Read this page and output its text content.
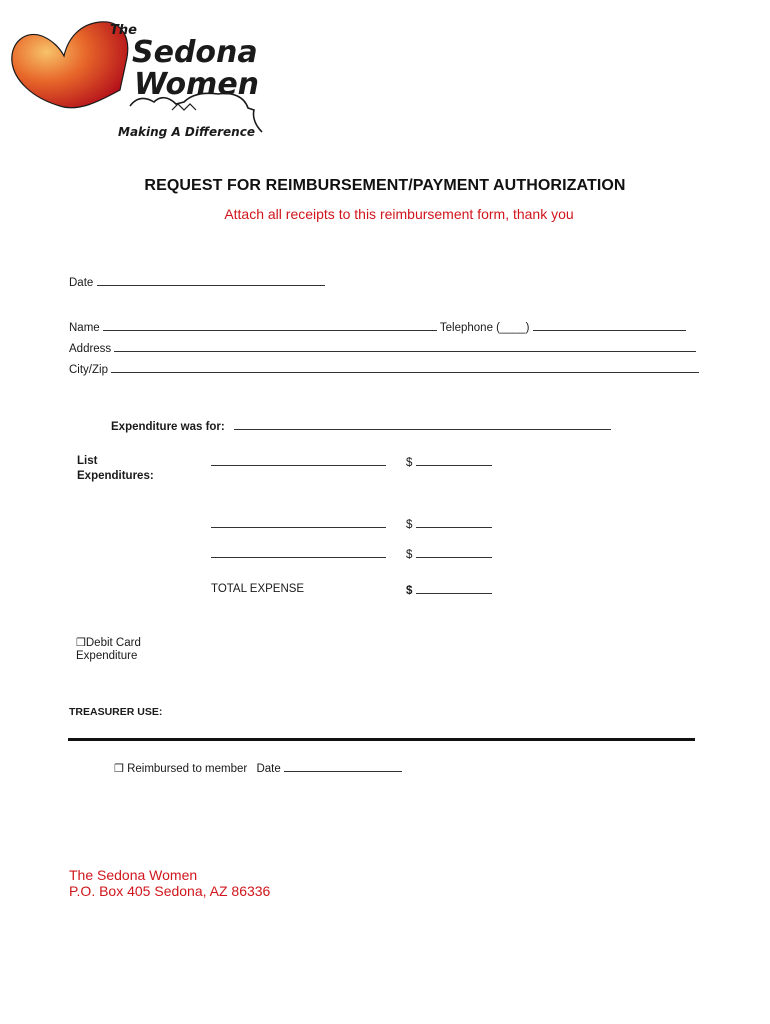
The
Sedona
Women
Making A Difference
REQUEST FOR REIMBURSEMENT/PAYMENT AUTHORIZATION
Attach all receipts to this reimbursement form, thank you
Date
Name	Telephone (____)
Address
City/Zip
Expenditure was for:
List
Expenditures:
$
$
$
TOTAL EXPENSE	$
❒Debit Card
Expenditure
TREASURER USE:
❒ Reimbursed to member Date
The Sedona Women
P.O. Box 405 Sedona, AZ 86336
